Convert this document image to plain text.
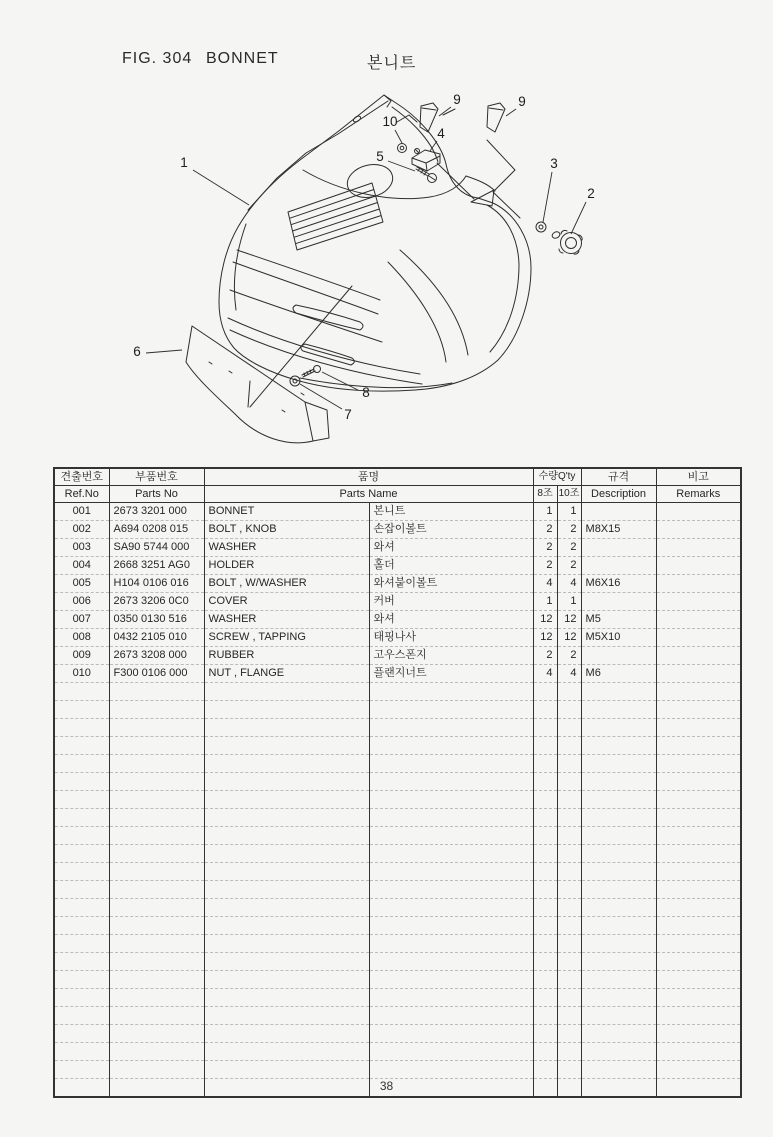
FIG. 304 BONNET	본니트
1
2
3
4
5
6
7
8
9	9
10
견출번호	부품번호	품명		수량Q'ty		규격	비고
Ref.No	Parts No	Parts Name		8조	10조	Description	Remarks
001	2673 3201 000	BONNET	본니트	1	1		
002	A694 0208 015	BOLT , KNOB	손잡이볼트	2	2	M8X15	
003	SA90 5744 000	WASHER	와셔	2	2		
004	2668 3251 AG0	HOLDER	홀더	2	2		
005	H104 0106 016	BOLT , W/WASHER	와셔붙이볼트	4	4	M6X16	
006	2673 3206 0C0	COVER	커버	1	1		
007	0350 0130 516	WASHER	와셔	12	12	M5	
008	0432 2105 010	SCREW , TAPPING	태핑나사	12	12	M5X10	
009	2673 3208 000	RUBBER	고우스폰지	2	2		
010	F300 0106 000	NUT , FLANGE	플랜지너트	4	4	M6	

38
